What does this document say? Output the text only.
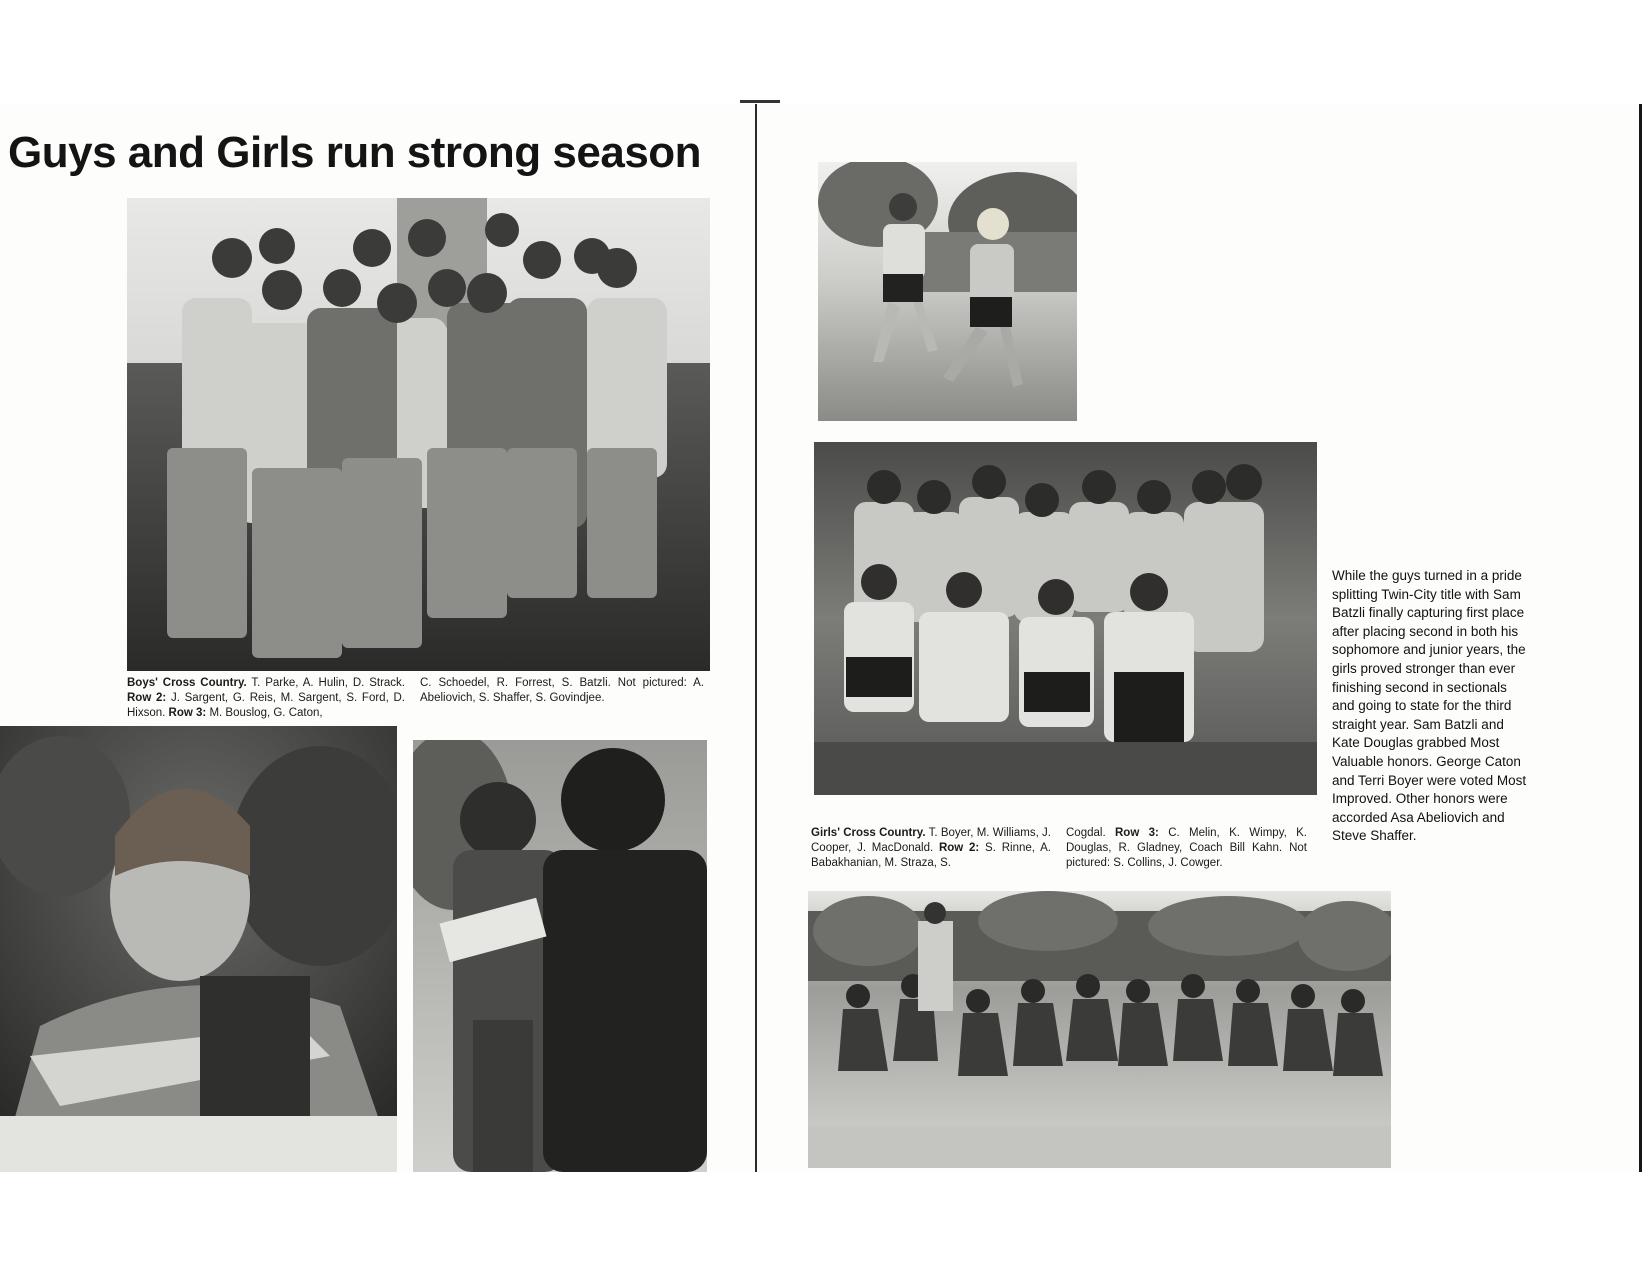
Guys and Girls run strong season

Boys' Cross Country. T. Parke, A. Hulin, D. Strack. Row 2: J. Sargent, G. Reis, M. Sargent, S. Ford, D. Hixson. Row 3: M. Bouslog, G. Caton,

C. Schoedel, R. Forrest, S. Batzli. Not pictured: A. Abeliovich, S. Shaffer, S. Govindjee.

Girls' Cross Country. T. Boyer, M. Williams, J. Cooper, J. MacDonald. Row 2: S. Rinne, A. Babakhanian, M. Straza, S.

Cogdal. Row 3: C. Melin, K. Wimpy, K. Douglas, R. Gladney, Coach Bill Kahn. Not pictured: S. Collins, J. Cowger.

While the guys turned in a pride splitting Twin-City title with Sam Batzli finally capturing first place after placing second in both his sophomore and junior years, the girls proved stronger than ever finishing second in sectionals and going to state for the third straight year. Sam Batzli and Kate Douglas grabbed Most Valuable honors. George Caton and Terri Boyer were voted Most Improved. Other honors were accorded Asa Abeliovich and Steve Shaffer.
